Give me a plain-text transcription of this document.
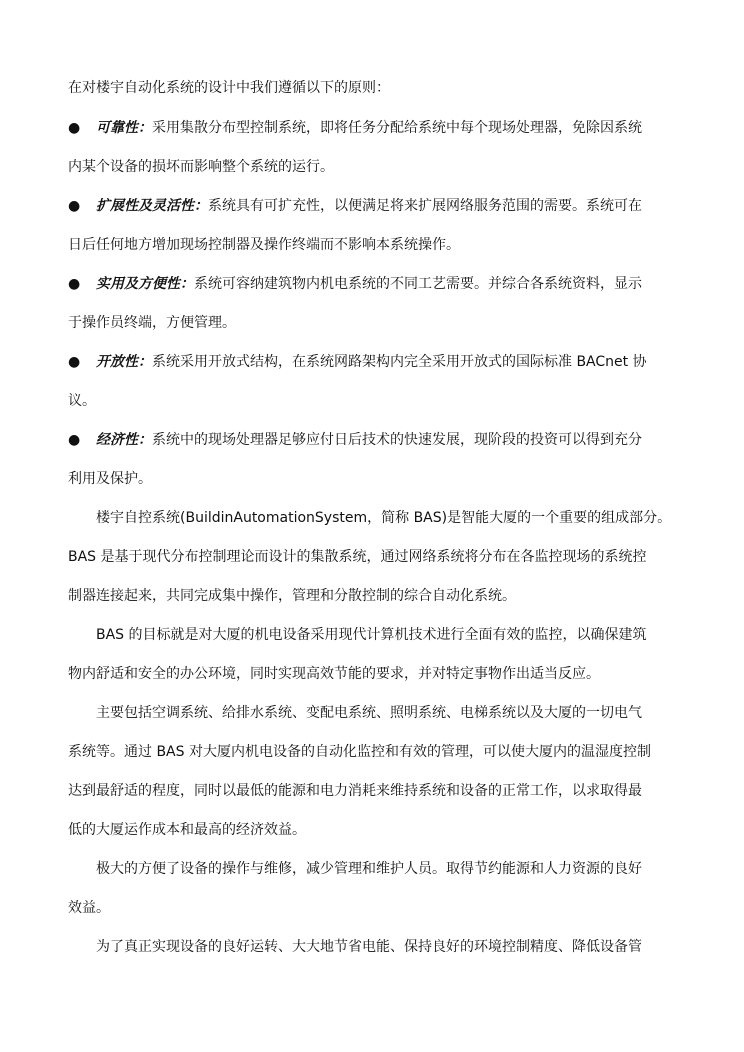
在对楼宇自动化系统的设计中我们遵循以下的原则：
● 可靠性：采用集散分布型控制系统，即将任务分配给系统中每个现场处理器，免除因系统
内某个设备的损坏而影响整个系统的运行。
● 扩展性及灵活性：系统具有可扩充性，以便满足将来扩展网络服务范围的需要。系统可在
日后任何地方增加现场控制器及操作终端而不影响本系统操作。
● 实用及方便性：系统可容纳建筑物内机电系统的不同工艺需要。并综合各系统资料，显示
于操作员终端，方便管理。
● 开放性：系统采用开放式结构，在系统网路架构内完全采用开放式的国际标准 BACnet 协
议。
● 经济性：系统中的现场处理器足够应付日后技术的快速发展，现阶段的投资可以得到充分
利用及保护。
楼宇自控系统(BuildinAutomationSystem，简称 BAS)是智能大厦的一个重要的组成部分。
BAS 是基于现代分布控制理论而设计的集散系统，通过网络系统将分布在各监控现场的系统控
制器连接起来，共同完成集中操作，管理和分散控制的综合自动化系统。
BAS 的目标就是对大厦的机电设备采用现代计算机技术进行全面有效的监控，以确保建筑
物内舒适和安全的办公环境，同时实现高效节能的要求，并对特定事物作出适当反应。
主要包括空调系统、给排水系统、变配电系统、照明系统、电梯系统以及大厦的一切电气
系统等。通过 BAS 对大厦内机电设备的自动化监控和有效的管理，可以使大厦内的温湿度控制
达到最舒适的程度，同时以最低的能源和电力消耗来维持系统和设备的正常工作，以求取得最
低的大厦运作成本和最高的经济效益。
极大的方便了设备的操作与维修，减少管理和维护人员。取得节约能源和人力资源的良好
效益。
为了真正实现设备的良好运转、大大地节省电能、保持良好的环境控制精度、降低设备管
